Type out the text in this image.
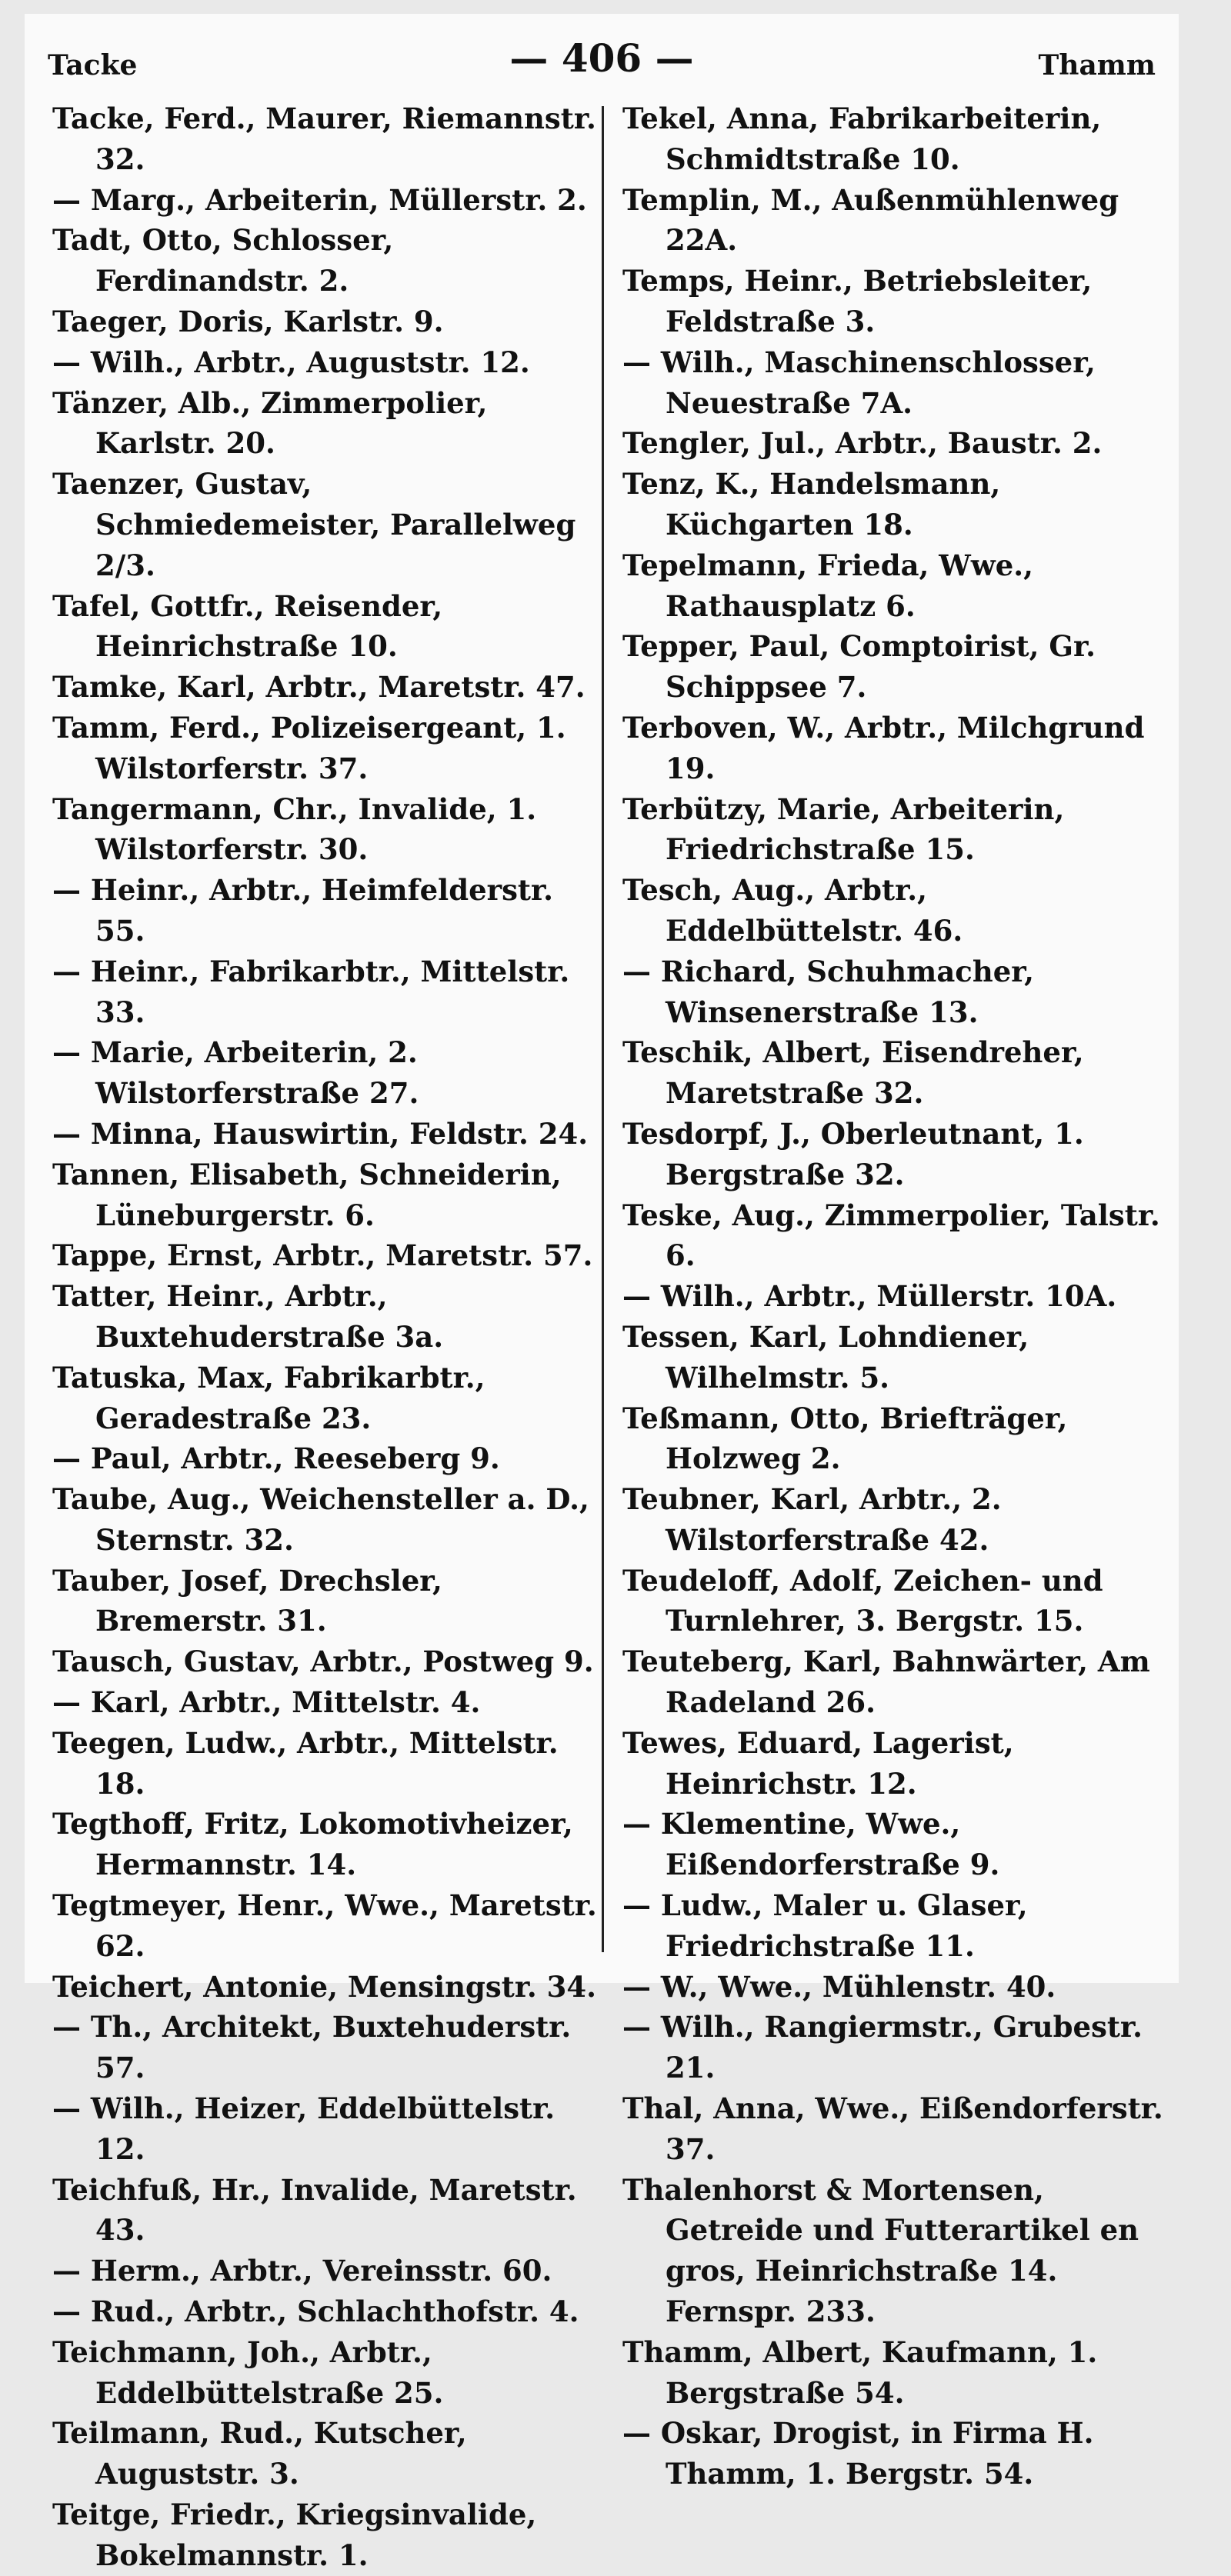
Tacke	— 406 —	Thamm
Tacke, Ferd., Maurer, Riemannstr. 32.
— Marg., Arbeiterin, Müllerstr. 2.
Tadt, Otto, Schlosser, Ferdinandstr. 2.
Taeger, Doris, Karlstr. 9.
— Wilh., Arbtr., Auguststr. 12.
Tänzer, Alb., Zimmerpolier, Karlstr. 20.
Taenzer, Gustav, Schmiedemeister, Parallelweg 2/3.
Tafel, Gottfr., Reisender, Heinrichstraße 10.
Tamke, Karl, Arbtr., Maretstr. 47.
Tamm, Ferd., Polizeisergeant, 1. Wilstorferstr. 37.
Tangermann, Chr., Invalide, 1. Wilstorferstr. 30.
— Heinr., Arbtr., Heimfelderstr. 55.
— Heinr., Fabrikarbtr., Mittelstr. 33.
— Marie, Arbeiterin, 2. Wilstorferstraße 27.
— Minna, Hauswirtin, Feldstr. 24.
Tannen, Elisabeth, Schneiderin, Lüneburgerstr. 6.
Tappe, Ernst, Arbtr., Maretstr. 57.
Tatter, Heinr., Arbtr., Buxtehuderstraße 3a.
Tatuska, Max, Fabrikarbtr., Geradestraße 23.
— Paul, Arbtr., Reeseberg 9.
Taube, Aug., Weichensteller a. D., Sternstr. 32.
Tauber, Josef, Drechsler, Bremerstr. 31.
Tausch, Gustav, Arbtr., Postweg 9.
— Karl, Arbtr., Mittelstr. 4.
Teegen, Ludw., Arbtr., Mittelstr. 18.
Tegthoff, Fritz, Lokomotivheizer, Hermannstr. 14.
Tegtmeyer, Henr., Wwe., Maretstr. 62.
Teichert, Antonie, Mensingstr. 34.
— Th., Architekt, Buxtehuderstr. 57.
— Wilh., Heizer, Eddelbüttelstr. 12.
Teichfuß, Hr., Invalide, Maretstr. 43.
— Herm., Arbtr., Vereinsstr. 60.
— Rud., Arbtr., Schlachthofstr. 4.
Teichmann, Joh., Arbtr., Eddelbüttelstraße 25.
Teilmann, Rud., Kutscher, Auguststr. 3.
Teitge, Friedr., Kriegsinvalide, Bokelmannstr. 1.
Tekel, Anna, Fabrikarbeiterin, Schmidtstraße 10.
Templin, M., Außenmühlenweg 22A.
Temps, Heinr., Betriebsleiter, Feldstraße 3.
— Wilh., Maschinenschlosser, Neuestraße 7A.
Tengler, Jul., Arbtr., Baustr. 2.
Tenz, K., Handelsmann, Küchgarten 18.
Tepelmann, Frieda, Wwe., Rathausplatz 6.
Tepper, Paul, Comptoirist, Gr. Schippsee 7.
Terboven, W., Arbtr., Milchgrund 19.
Terbützy, Marie, Arbeiterin, Friedrichstraße 15.
Tesch, Aug., Arbtr., Eddelbüttelstr. 46.
— Richard, Schuhmacher, Winsenerstraße 13.
Teschik, Albert, Eisendreher, Maretstraße 32.
Tesdorpf, J., Oberleutnant, 1. Bergstraße 32.
Teske, Aug., Zimmerpolier, Talstr. 6.
— Wilh., Arbtr., Müllerstr. 10A.
Tessen, Karl, Lohndiener, Wilhelmstr. 5.
Teßmann, Otto, Briefträger, Holzweg 2.
Teubner, Karl, Arbtr., 2. Wilstorferstraße 42.
Teudeloff, Adolf, Zeichen- und Turnlehrer, 3. Bergstr. 15.
Teuteberg, Karl, Bahnwärter, Am Radeland 26.
Tewes, Eduard, Lagerist, Heinrichstr. 12.
— Klementine, Wwe., Eißendorferstraße 9.
— Ludw., Maler u. Glaser, Friedrichstraße 11.
— W., Wwe., Mühlenstr. 40.
— Wilh., Rangiermstr., Grubestr. 21.
Thal, Anna, Wwe., Eißendorferstr. 37.
Thalenhorst & Mortensen, Getreide und Futterartikel en gros, Heinrichstraße 14. Fernspr. 233.
Thamm, Albert, Kaufmann, 1. Bergstraße 54.
— Oskar, Drogist, in Firma H. Thamm, 1. Bergstr. 54.
